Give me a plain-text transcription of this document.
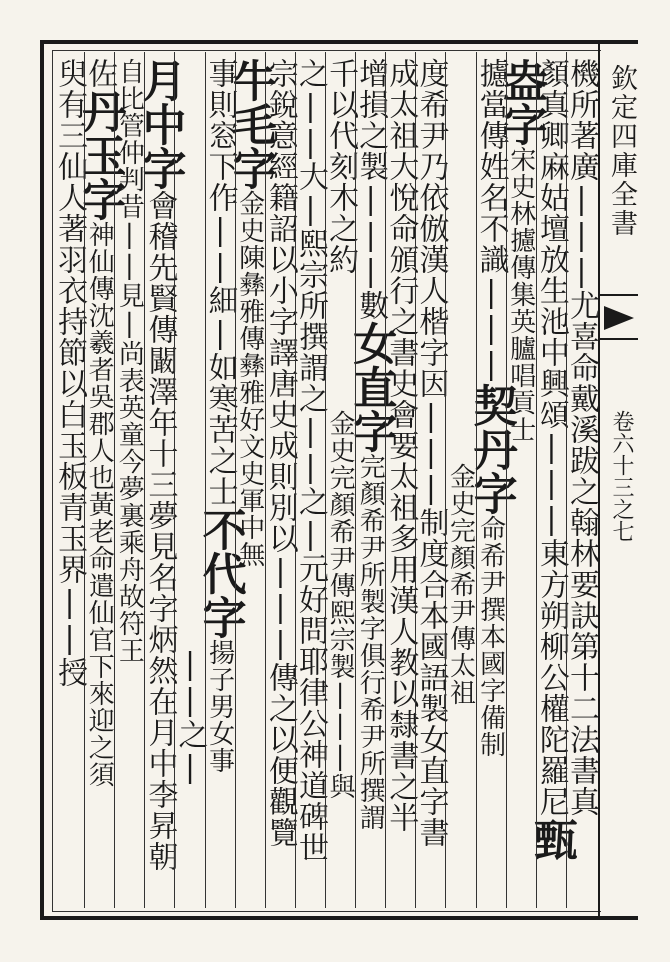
欽定四庫全書
卷六十三之七
機所著廣|||尤喜命戴溪跋之翰林要訣第十二法書真
顏真卿麻姑壇放生池中興頌|||東方朔柳公權陀羅尼甄
盎字宋史林攄傳集英臚唱貢士
攄當傳姓名不識|||契丹字命希尹撰本國字備制
　　　　　　　　　　　　　　　金史完顏希尹傳太祖
度希尹乃依倣漢人楷字因|||制度合本國語製女直字書
成太祖大悅命頒行之書史會要太祖多用漢人教以隸書之半
增損之製|||數女直字完顏希尹所製字俱行希尹所撰謂
千以代刻木之約　　　　　金史完顏希尹傳熙宗製|||與
之||大|熙宗所撰謂之||之|元好問耶律公神道碑世
宗銳意經籍詔以小字譯唐史成則別以|||傳之以便觀覽
牛毛字金史陳彝雅傳彝雅好文史軍中無
事則窓下作||細|如寒苦之士不代字揚子男女事
　　　　　　　　　　　　　　　　　　　||之|
月中字會稽先賢傳闞澤年十三夢見名字炳然在月中李昇朝
自比管仲判昔||見|尚表英童今夢裏乘舟故符王
佐丹玉字神仙傳沈羲者吳郡人也黃老命遣仙官下來迎之須
臾有三仙人著羽衣持節以白玉板青玉界||授
